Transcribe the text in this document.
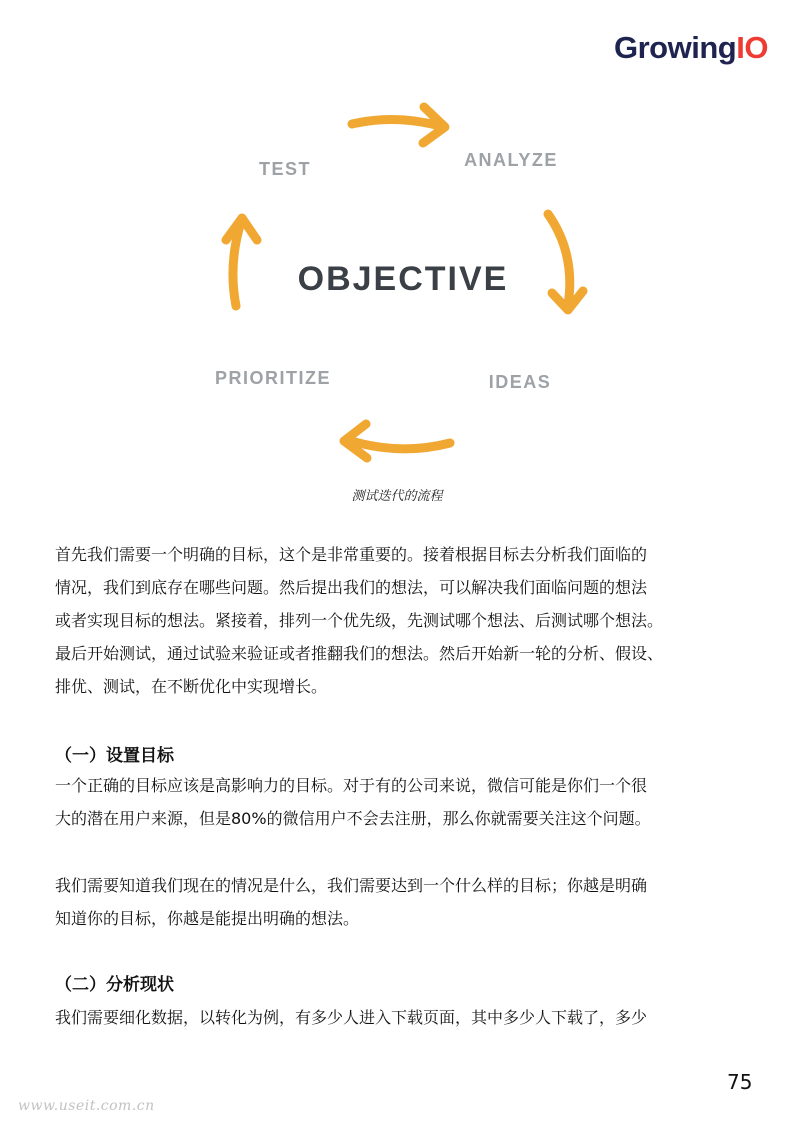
GrowingIO
OBJECTIVE
ANALYZE
IDEAS
PRIORITIZE
TEST
测试迭代的流程
首先我们需要一个明确的目标，这个是非常重要的。接着根据目标去分析我们面临的
情况，我们到底存在哪些问题。然后提出我们的想法，可以解决我们面临问题的想法
或者实现目标的想法。紧接着，排列一个优先级，先测试哪个想法、后测试哪个想法。
最后开始测试，通过试验来验证或者推翻我们的想法。然后开始新一轮的分析、假设、
排优、测试，在不断优化中实现增长。
（一）设置目标
一个正确的目标应该是高影响力的目标。对于有的公司来说，微信可能是你们一个很
大的潜在用户来源，但是80%的微信用户不会去注册，那么你就需要关注这个问题。
我们需要知道我们现在的情况是什么，我们需要达到一个什么样的目标；你越是明确
知道你的目标，你越是能提出明确的想法。
（二）分析现状
我们需要细化数据，以转化为例，有多少人进入下载页面，其中多少人下载了，多少
75
www.useit.com.cn
